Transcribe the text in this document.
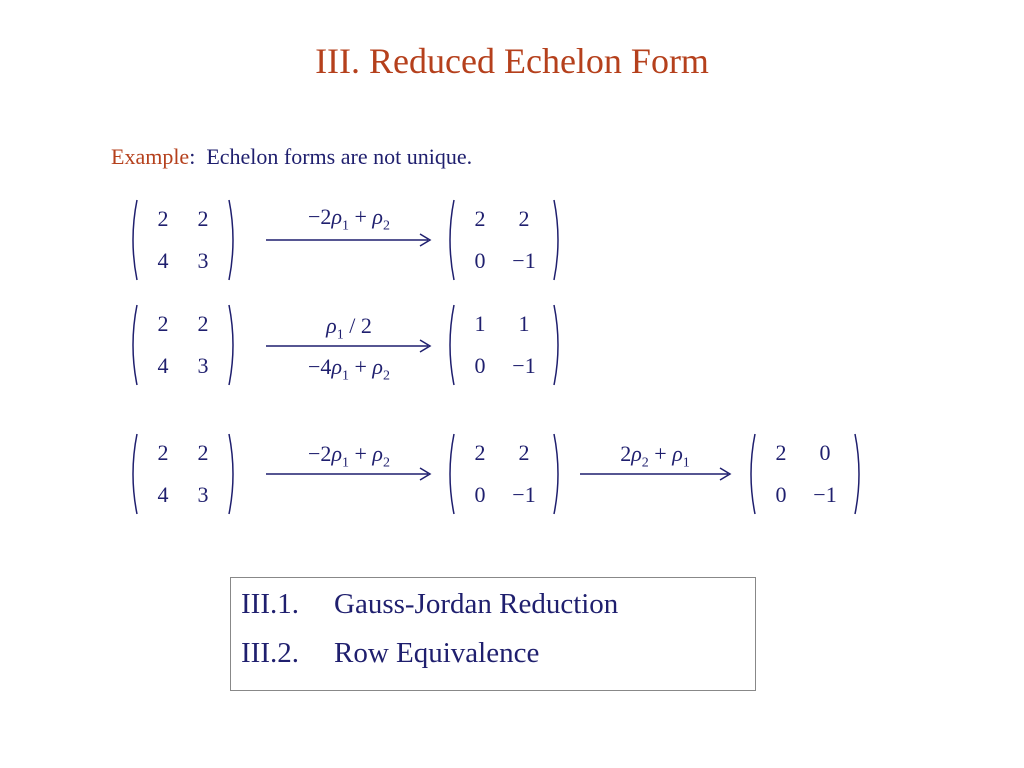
III. Reduced Echelon Form
Example:  Echelon forms are not unique.
2	2
4	3
$-2\rho_1 + \rho_2$	2	2
0	−1
2	2
4	3
$\rho_1 / 2$
$-4\rho_1 + \rho_2$
1	1
0	−1
2	2
4	3
$-2\rho_1 + \rho_2$	2	2
0	−1
$2\rho_2 + \rho_1$	2	0
0	−1
III.1. Gauss-Jordan Reduction
III.2. Row Equivalence
